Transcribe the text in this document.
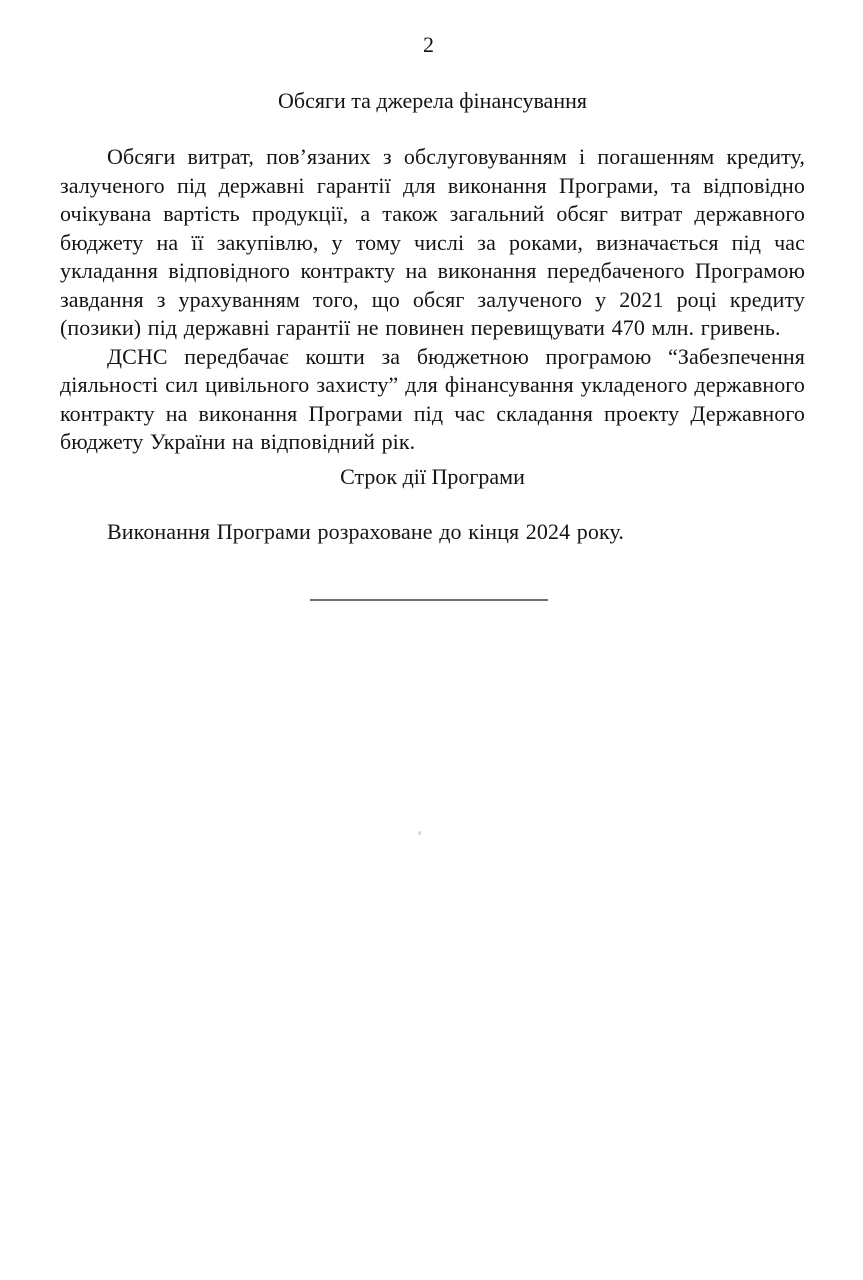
2
Обсяги та джерела фінансування

Обсяги витрат, пов’язаних з обслуговуванням і погашенням кредиту, залученого під державні гарантії для виконання Програми, та відповідно очікувана вартість продукції, а також загальний обсяг витрат державного бюджету на її закупівлю, у тому числі за роками, визначається під час укладання відповідного контракту на виконання передбаченого Програмою завдання з урахуванням того, що обсяг залученого у 2021 році кредиту (позики) під державні гарантії не повинен перевищувати 470 млн. гривень.

ДСНС передбачає кошти за бюджетною програмою “Забезпечення діяльності сил цивільного захисту” для фінансування укладеного державного контракту на виконання Програми під час складання проекту Державного бюджету України на відповідний рік.

Строк дії Програми

Виконання Програми розраховане до кінця 2024 року.
